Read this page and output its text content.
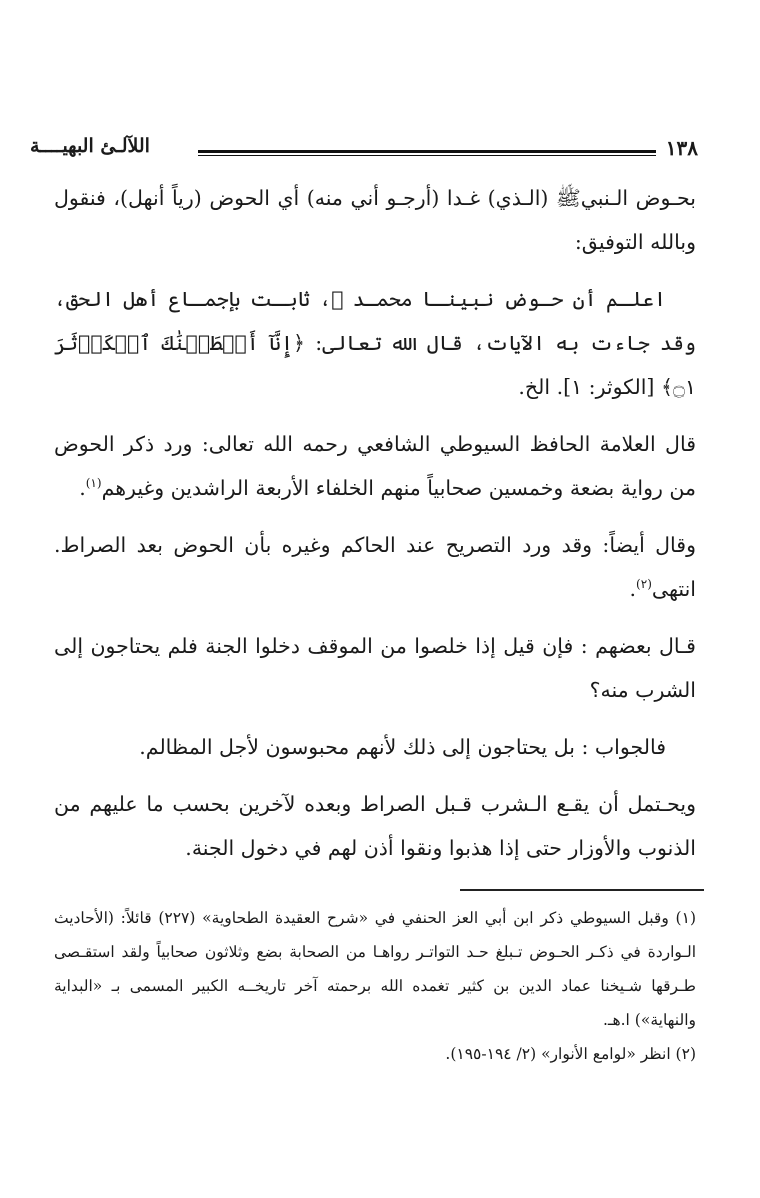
١٣٨
اللآلـئ البهيــــة

بحـوض الـنبيﷺ (الـذي) غـدا (أرجـو أني منه) أي الحوض (رياً أنهل)، فنقول وبالله التوفيق:

اعلـم أن حـوض نبينـا محمـد ﷺ، ثابـت بإجمـاع أهل الحق، وقد جاءت به الآيات، قال الله تعالى: ﴿إِنَّآ أَعۡطَيۡنَٰكَ ٱلۡكَوۡثَرَ ۝١﴾ [الكوثر: ١]. الخ.

قال العلامة الحافظ السيوطي الشافعي رحمه الله تعالى: ورد ذكر الحوض من رواية بضعة وخمسين صحابياً منهم الخلفاء الأربعة الراشدين وغيرهم$^{(١)}$.

وقال أيضاً: وقد ورد التصريح عند الحاكم وغيره بأن الحوض بعد الصراط. انتهى$^{(٢)}$.

قـال بعضهم : فإن قيل إذا خلصوا من الموقف دخلوا الجنة فلم يحتاجون إلى الشرب منه؟

فالجواب : بل يحتاجون إلى ذلك لأنهم محبوسون لأجل المظالم.

ويحـتمل أن يقـع الـشرب قـبل الصراط وبعده لآخرين بحسب ما عليهم من الذنوب والأوزار حتى إذا هذبوا ونقوا أذن لهم في دخول الجنة.

(١) وقبل السيوطي ذكر ابن أبي العز الحنفي في «شرح العقيدة الطحاوية» (٢٢٧) قائلاً: (الأحاديث الـواردة في ذكـر الحـوض تـبلغ حـد التواتـر رواهـا من الصحابة بضع وثلاثون صحابياً ولقد استقـصى طـرقها شـيخنا عماد الدين بن كثير تغمده الله برحمته آخر تاريخــه الكبير المسمى بـ «البداية والنهاية») ا.هـ.

(٢) انظر «لوامع الأنوار» (٢/ ١٩٤-١٩٥).
